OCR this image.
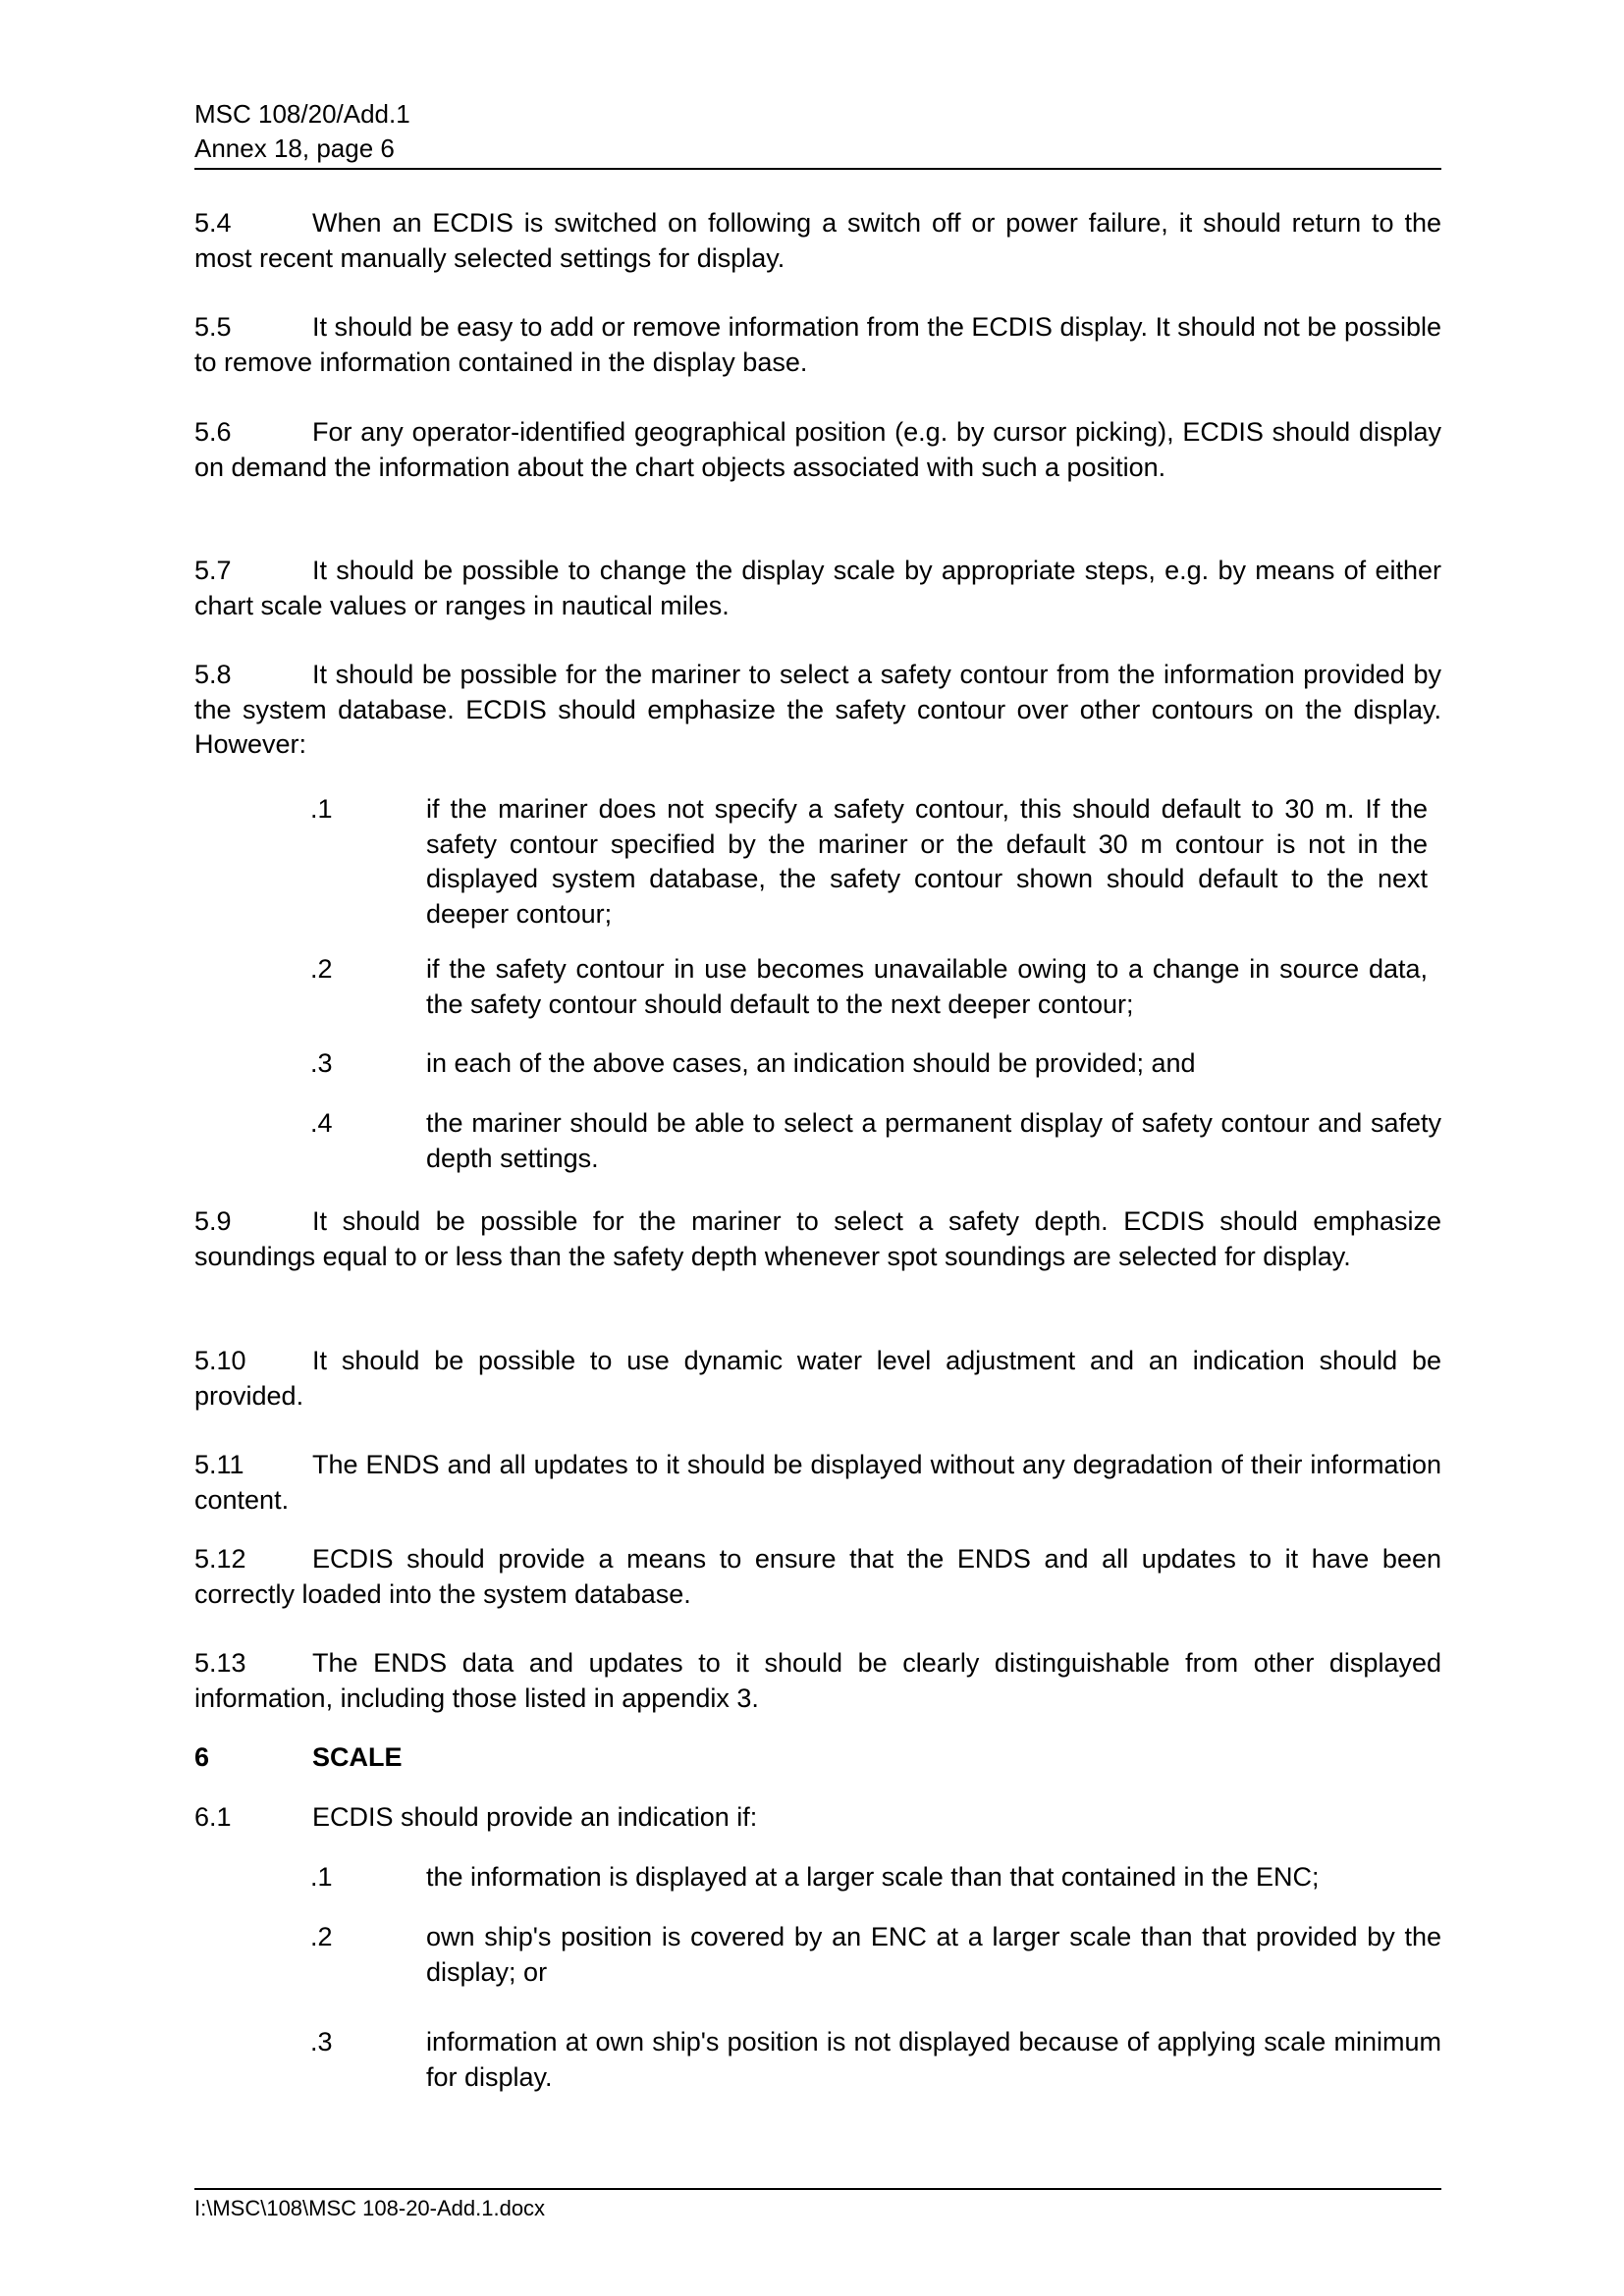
MSC 108/20/Add.1
Annex 18, page 6
5.4	When an ECDIS is switched on following a switch off or power failure, it should return to the most recent manually selected settings for display.
5.5	It should be easy to add or remove information from the ECDIS display. It should not be possible to remove information contained in the display base.
5.6	For any operator-identified geographical position (e.g. by cursor picking), ECDIS should display on demand the information about the chart objects associated with such a position.
5.7	It should be possible to change the display scale by appropriate steps, e.g. by means of either chart scale values or ranges in nautical miles.
5.8	It should be possible for the mariner to select a safety contour from the information provided by the system database. ECDIS should emphasize the safety contour over other contours on the display. However:
.1	if the mariner does not specify a safety contour, this should default to 30 m. If the safety contour specified by the mariner or the default 30 m contour is not in the displayed system database, the safety contour shown should default to the next deeper contour;
.2	if the safety contour in use becomes unavailable owing to a change in source data, the safety contour should default to the next deeper contour;
.3	in each of the above cases, an indication should be provided; and
.4	the mariner should be able to select a permanent display of safety contour and safety depth settings.
5.9	It should be possible for the mariner to select a safety depth. ECDIS should emphasize soundings equal to or less than the safety depth whenever spot soundings are selected for display.
5.10 It should be possible to use dynamic water level adjustment and an indication should be provided.
5.11	The ENDS and all updates to it should be displayed without any degradation of their information content.
5.12 ECDIS should provide a means to ensure that the ENDS and all updates to it have been correctly loaded into the system database.
5.13 The ENDS data and updates to it should be clearly distinguishable from other displayed information, including those listed in appendix 3.
6	SCALE
6.1	ECDIS should provide an indication if:
.1	the information is displayed at a larger scale than that contained in the ENC;
.2	own ship's position is covered by an ENC at a larger scale than that provided by the display; or
.3	information at own ship's position is not displayed because of applying scale minimum for display.
I:\MSC\108\MSC 108-20-Add.1.docx
